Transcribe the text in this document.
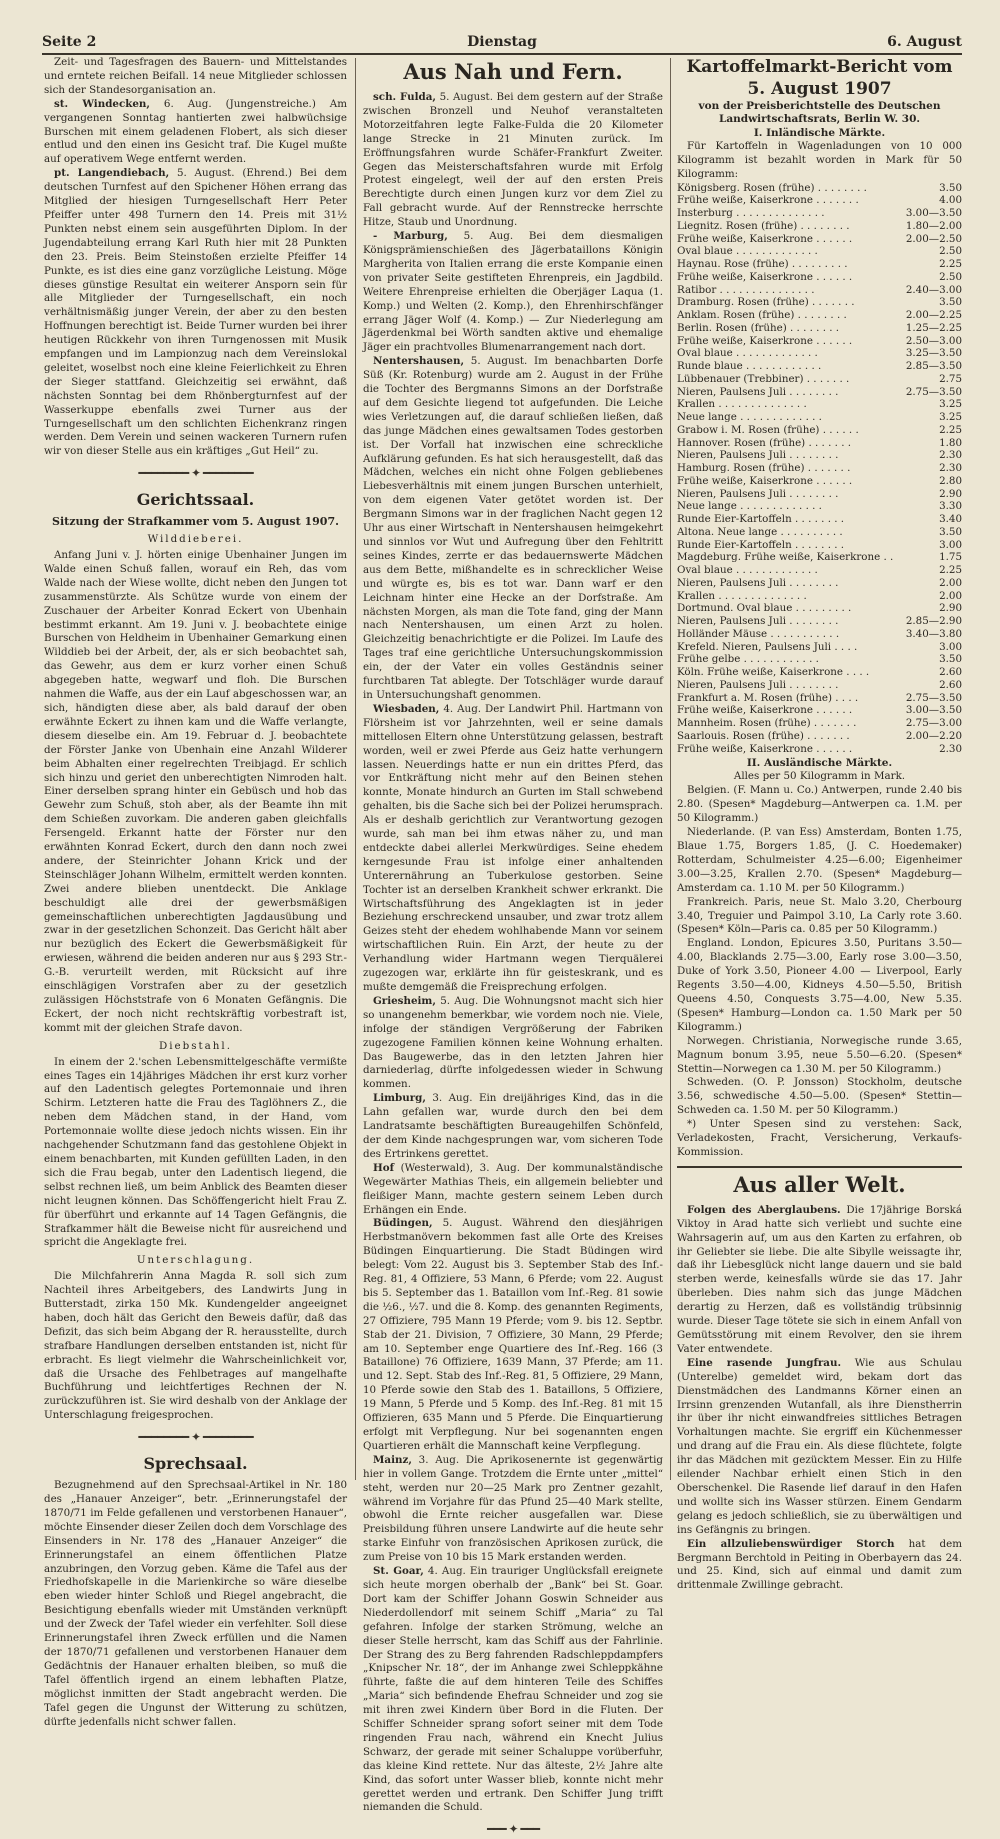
Seite 2	Dienstag	6. August

Zeit- und Tagesfragen des Bauern- und Mittelstandes und erntete reichen Beifall. 14 neue Mitglieder schlossen sich der Standesorganisation an.

st. Windecken, 6. Aug. (Jungenstreiche.) Am vergangenen Sonntag hantierten zwei halbwüchsige Burschen mit einem geladenen Flobert, als sich dieser entlud und den einen ins Gesicht traf. Die Kugel mußte auf operativem Wege entfernt werden.

pt. Langendiebach, 5. August. (Ehrend.) Bei dem deutschen Turnfest auf den Spichener Höhen errang das Mitglied der hiesigen Turngesellschaft Herr Peter Pfeiffer unter 498 Turnern den 14. Preis mit 31½ Punkten nebst einem sein ausgeführten Diplom. In der Jugendabteilung errang Karl Ruth hier mit 28 Punkten den 23. Preis. Beim Steinstoßen erzielte Pfeiffer 14 Punkte, es ist dies eine ganz vorzügliche Leistung. Möge dieses günstige Resultat ein weiterer Ansporn sein für alle Mitglieder der Turngesellschaft, ein noch verhältnismäßig junger Verein, der aber zu den besten Hoffnungen berechtigt ist. Beide Turner wurden bei ihrer heutigen Rückkehr von ihren Turngenossen mit Musik empfangen und im Lampionzug nach dem Vereinslokal geleitet, woselbst noch eine kleine Feierlichkeit zu Ehren der Sieger stattfand. Gleichzeitig sei erwähnt, daß nächsten Sonntag bei dem Rhönbergturnfest auf der Wasserkuppe ebenfalls zwei Turner aus der Turngesellschaft um den schlichten Eichenkranz ringen werden. Dem Verein und seinen wackeren Turnern rufen wir von dieser Stelle aus ein kräftiges „Gut Heil“ zu.

━━━━━━━━ ✦ ━━━━━━━━
Gerichtssaal.
Sitzung der Strafkammer vom 5. August 1907.
Wilddieberei.

Anfang Juni v. J. hörten einige Ubenhainer Jungen im Walde einen Schuß fallen, worauf ein Reh, das vom Walde nach der Wiese wollte, dicht neben den Jungen tot zusammenstürzte. Als Schütze wurde von einem der Zuschauer der Arbeiter Konrad Eckert von Ubenhain bestimmt erkannt. Am 19. Juni v. J. beobachtete einige Burschen von Heldheim in Ubenhainer Gemarkung einen Wilddieb bei der Arbeit, der, als er sich beobachtet sah, das Gewehr, aus dem er kurz vorher einen Schuß abgegeben hatte, wegwarf und floh. Die Burschen nahmen die Waffe, aus der ein Lauf abgeschossen war, an sich, händigten diese aber, als bald darauf der oben erwähnte Eckert zu ihnen kam und die Waffe verlangte, diesem dieselbe ein. Am 19. Februar d. J. beobachtete der Förster Janke von Ubenhain eine Anzahl Wilderer beim Abhalten einer regelrechten Treibjagd. Er schlich sich hinzu und geriet den unberechtigten Nimroden halt. Einer derselben sprang hinter ein Gebüsch und hob das Gewehr zum Schuß, stoh aber, als der Beamte ihn mit dem Schießen zuvorkam. Die anderen gaben gleichfalls Fersengeld. Erkannt hatte der Förster nur den erwähnten Konrad Eckert, durch den dann noch zwei andere, der Steinrichter Johann Krick und der Steinschläger Johann Wilhelm, ermittelt werden konnten. Zwei andere blieben unentdeckt. Die Anklage beschuldigt alle drei der gewerbsmäßigen gemeinschaftlichen unberechtigten Jagdausübung und zwar in der gesetzlichen Schonzeit. Das Gericht hält aber nur bezüglich des Eckert die Gewerbsmäßigkeit für erwiesen, während die beiden anderen nur aus § 293 Str.-G.-B. verurteilt werden, mit Rücksicht auf ihre einschlägigen Vorstrafen aber zu der gesetzlich zulässigen Höchststrafe von 6 Monaten Gefängnis. Die Eckert, der noch nicht rechtskräftig vorbestraft ist, kommt mit der gleichen Strafe davon.

Diebstahl.

In einem der 2.'schen Lebensmittelgeschäfte vermißte eines Tages ein 14jähriges Mädchen ihr erst kurz vorher auf den Ladentisch gelegtes Portemonnaie und ihren Schirm. Letzteren hatte die Frau des Taglöhners Z., die neben dem Mädchen stand, in der Hand, vom Portemonnaie wollte diese jedoch nichts wissen. Ein ihr nachgehender Schutzmann fand das gestohlene Objekt in einem benachbarten, mit Kunden gefüllten Laden, in den sich die Frau begab, unter den Ladentisch liegend, die selbst rechnen ließ, um beim Anblick des Beamten dieser nicht leugnen können. Das Schöffengericht hielt Frau Z. für überführt und erkannte auf 14 Tagen Gefängnis, die Strafkammer hält die Beweise nicht für ausreichend und spricht die Angeklagte frei.

Unterschlagung.

Die Milchfahrerin Anna Magda R. soll sich zum Nachteil ihres Arbeitgebers, des Landwirts Jung in Butterstadt, zirka 150 Mk. Kundengelder angeeignet haben, doch hält das Gericht den Beweis dafür, daß das Defizit, das sich beim Abgang der R. herausstellte, durch strafbare Handlungen derselben entstanden ist, nicht für erbracht. Es liegt vielmehr die Wahrscheinlichkeit vor, daß die Ursache des Fehlbetrages auf mangelhafte Buchführung und leichtfertiges Rechnen der N. zurückzuführen ist. Sie wird deshalb von der Anklage der Unterschlagung freigesprochen.

━━━━━━━━ ✦ ━━━━━━━━
Sprechsaal.

Bezugnehmend auf den Sprechsaal-Artikel in Nr. 180 des „Hanauer Anzeiger“, betr. „Erinnerungstafel der 1870/71 im Felde gefallenen und verstorbenen Hanauer“, möchte Einsender dieser Zeilen doch dem Vorschlage des Einsenders in Nr. 178 des „Hanauer Anzeiger“ die Erinnerungstafel an einem öffentlichen Platze anzubringen, den Vorzug geben. Käme die Tafel aus der Friedhofskapelle in die Marienkirche so wäre dieselbe eben wieder hinter Schloß und Riegel angebracht, die Besichtigung ebenfalls wieder mit Umständen verknüpft und der Zweck der Tafel wieder ein verfehlter. Soll diese Erinnerungstafel ihren Zweck erfüllen und die Namen der 1870/71 gefallenen und verstorbenen Hanauer dem Gedächtnis der Hanauer erhalten bleiben, so muß die Tafel öffentlich irgend an einem lebhaften Platze, möglichst inmitten der Stadt angebracht werden. Die Tafel gegen die Ungunst der Witterung zu schützen, dürfte jedenfalls nicht schwer fallen.

Aus Nah und Fern.

sch. Fulda, 5. August. Bei dem gestern auf der Straße zwischen Bronzell und Neuhof veranstalteten Motorzeitfahren legte Falke-Fulda die 20 Kilometer lange Strecke in 21 Minuten zurück. Im Eröffnungsfahren wurde Schäfer-Frankfurt Zweiter. Gegen das Meisterschaftsfahren wurde mit Erfolg Protest eingelegt, weil der auf den ersten Preis Berechtigte durch einen Jungen kurz vor dem Ziel zu Fall gebracht wurde. Auf der Rennstrecke herrschte Hitze, Staub und Unordnung.

- Marburg, 5. Aug. Bei dem diesmaligen Königsprämienschießen des Jägerbataillons Königin Margherita von Italien errang die erste Kompanie einen von privater Seite gestifteten Ehrenpreis, ein Jagdbild. Weitere Ehrenpreise erhielten die Oberjäger Laqua (1. Komp.) und Welten (2. Komp.), den Ehrenhirschfänger errang Jäger Wolf (4. Komp.) — Zur Niederlegung am Jägerdenkmal bei Wörth sandten aktive und ehemalige Jäger ein prachtvolles Blumenarrangement nach dort.

Nentershausen, 5. August. Im benachbarten Dorfe Süß (Kr. Rotenburg) wurde am 2. August in der Frühe die Tochter des Bergmanns Simons an der Dorfstraße auf dem Gesichte liegend tot aufgefunden. Die Leiche wies Verletzungen auf, die darauf schließen ließen, daß das junge Mädchen eines gewaltsamen Todes gestorben ist. Der Vorfall hat inzwischen eine schreckliche Aufklärung gefunden. Es hat sich herausgestellt, daß das Mädchen, welches ein nicht ohne Folgen gebliebenes Liebesverhältnis mit einem jungen Burschen unterhielt, von dem eigenen Vater getötet worden ist. Der Bergmann Simons war in der fraglichen Nacht gegen 12 Uhr aus einer Wirtschaft in Nentershausen heimgekehrt und sinnlos vor Wut und Aufregung über den Fehltritt seines Kindes, zerrte er das bedauernswerte Mädchen aus dem Bette, mißhandelte es in schrecklicher Weise und würgte es, bis es tot war. Dann warf er den Leichnam hinter eine Hecke an der Dorfstraße. Am nächsten Morgen, als man die Tote fand, ging der Mann nach Nentershausen, um einen Arzt zu holen. Gleichzeitig benachrichtigte er die Polizei. Im Laufe des Tages traf eine gerichtliche Untersuchungskommission ein, der der Vater ein volles Geständnis seiner furchtbaren Tat ablegte. Der Totschläger wurde darauf in Untersuchungshaft genommen.

Wiesbaden, 4. Aug. Der Landwirt Phil. Hartmann von Flörsheim ist vor Jahrzehnten, weil er seine damals mittellosen Eltern ohne Unterstützung gelassen, bestraft worden, weil er zwei Pferde aus Geiz hatte verhungern lassen. Neuerdings hatte er nun ein drittes Pferd, das vor Entkräftung nicht mehr auf den Beinen stehen konnte, Monate hindurch an Gurten im Stall schwebend gehalten, bis die Sache sich bei der Polizei herumsprach. Als er deshalb gerichtlich zur Verantwortung gezogen wurde, sah man bei ihm etwas näher zu, und man entdeckte dabei allerlei Merkwürdiges. Seine ehedem kerngesunde Frau ist infolge einer anhaltenden Unterernährung an Tuberkulose gestorben. Seine Tochter ist an derselben Krankheit schwer erkrankt. Die Wirtschaftsführung des Angeklagten ist in jeder Beziehung erschreckend unsauber, und zwar trotz allem Geizes steht der ehedem wohlhabende Mann vor seinem wirtschaftlichen Ruin. Ein Arzt, der heute zu der Verhandlung wider Hartmann wegen Tierquälerei zugezogen war, erklärte ihn für geisteskrank, und es mußte demgemäß die Freisprechung erfolgen.

Griesheim, 5. Aug. Die Wohnungsnot macht sich hier so unangenehm bemerkbar, wie vordem noch nie. Viele, infolge der ständigen Vergrößerung der Fabriken zugezogene Familien können keine Wohnung erhalten. Das Baugewerbe, das in den letzten Jahren hier darniederlag, dürfte infolgedessen wieder in Schwung kommen.

Limburg, 3. Aug. Ein dreijähriges Kind, das in die Lahn gefallen war, wurde durch den bei dem Landratsamte beschäftigten Bureaugehilfen Schönfeld, der dem Kinde nachgesprungen war, vom sicheren Tode des Ertrinkens gerettet.

Hof (Westerwald), 3. Aug. Der kommunalständische Wegewärter Mathias Theis, ein allgemein beliebter und fleißiger Mann, machte gestern seinem Leben durch Erhängen ein Ende.

Büdingen, 5. August. Während den diesjährigen Herbstmanövern bekommen fast alle Orte des Kreises Büdingen Einquartierung. Die Stadt Büdingen wird belegt: Vom 22. August bis 3. September Stab des Inf.-Reg. 81, 4 Offiziere, 53 Mann, 6 Pferde; vom 22. August bis 5. September das 1. Bataillon vom Inf.-Reg. 81 sowie die ½6., ½7. und die 8. Komp. des genannten Regiments, 27 Offiziere, 795 Mann 19 Pferde; vom 9. bis 12. Septbr. Stab der 21. Division, 7 Offiziere, 30 Mann, 29 Pferde; am 10. September enge Quartiere des Inf.-Reg. 166 (3 Bataillone) 76 Offiziere, 1639 Mann, 37 Pferde; am 11. und 12. Sept. Stab des Inf.-Reg. 81, 5 Offiziere, 29 Mann, 10 Pferde sowie den Stab des 1. Bataillons, 5 Offiziere, 19 Mann, 5 Pferde und 5 Komp. des Inf.-Reg. 81 mit 15 Offizieren, 635 Mann und 5 Pferde. Die Einquartierung erfolgt mit Verpflegung. Nur bei sogenannten engen Quartieren erhält die Mannschaft keine Verpflegung.

Mainz, 3. Aug. Die Aprikosenernte ist gegenwärtig hier in vollem Gange. Trotzdem die Ernte unter „mittel“ steht, werden nur 20—25 Mark pro Zentner gezahlt, während im Vorjahre für das Pfund 25—40 Mark stellte, obwohl die Ernte reicher ausgefallen war. Diese Preisbildung führen unsere Landwirte auf die heute sehr starke Einfuhr von französischen Aprikosen zurück, die zum Preise von 10 bis 15 Mark erstanden werden.

St. Goar, 4. Aug. Ein trauriger Unglücksfall ereignete sich heute morgen oberhalb der „Bank“ bei St. Goar. Dort kam der Schiffer Johann Goswin Schneider aus Niederdollendorf mit seinem Schiff „Maria“ zu Tal gefahren. Infolge der starken Strömung, welche an dieser Stelle herrscht, kam das Schiff aus der Fahrlinie. Der Strang des zu Berg fahrenden Radschleppdampfers „Knipscher Nr. 18“, der im Anhange zwei Schleppkähne führte, faßte die auf dem hinteren Teile des Schiffes „Maria“ sich befindende Ehefrau Schneider und zog sie mit ihren zwei Kindern über Bord in die Fluten. Der Schiffer Schneider sprang sofort seiner mit dem Tode ringenden Frau nach, während ein Knecht Julius Schwarz, der gerade mit seiner Schaluppe vorüberfuhr, das kleine Kind rettete. Nur das älteste, 2½ Jahre alte Kind, das sofort unter Wasser blieb, konnte nicht mehr gerettet werden und ertrank. Den Schiffer Jung trifft niemanden die Schuld.

━━━ ✦ ━━━
Kartoffelmarkt-Bericht vom 5. August 1907
von der Preisberichtstelle des Deutschen Landwirtschaftsrats, Berlin W. 30.
I. Inländische Märkte.

Für Kartoffeln in Wagenladungen von 10 000 Kilogramm ist bezahlt worden in Mark für 50 Kilogramm:

Königsberg. Rosen (frühe) . . . . . . . .	3.50
Frühe weiße, Kaiserkrone . . . . . . .	4.00
Insterburg . . . . . . . . . . . . . .	3.00—3.50
Liegnitz. Rosen (frühe) . . . . . . . .	1.80—2.00
Frühe weiße, Kaiserkrone . . . . . .	2.00—2.50
Oval blaue . . . . . . . . . . . . .	2.50
Haynau. Rose (frühe) . . . . . . . . .	2.25
Frühe weiße, Kaiserkrone . . . . . .	2.50
Ratibor . . . . . . . . . . . . . . .	2.40—3.00
Dramburg. Rosen (frühe) . . . . . . .	3.50
Anklam. Rosen (frühe) . . . . . . . .	2.00—2.25
Berlin. Rosen (frühe) . . . . . . . .	1.25—2.25
Frühe weiße, Kaiserkrone . . . . . .	2.50—3.00
Oval blaue . . . . . . . . . . . . .	3.25—3.50
Runde blaue . . . . . . . . . . . .	2.85—3.50
Lübbenauer (Trebbiner) . . . . . . .	2.75
Nieren, Paulsens Juli . . . . . . . .	2.75—3.50
Krallen . . . . . . . . . . . . . .	3.25
Neue lange . . . . . . . . . . . . .	3.25
Grabow i. M. Rosen (frühe) . . . . . .	2.25
Hannover. Rosen (frühe) . . . . . . .	1.80
Nieren, Paulsens Juli . . . . . . . .	2.30
Hamburg. Rosen (frühe) . . . . . . .	2.30
Frühe weiße, Kaiserkrone . . . . . .	2.80
Nieren, Paulsens Juli . . . . . . . .	2.90
Neue lange . . . . . . . . . . . . .	3.30
Runde Eier-Kartoffeln . . . . . . . .	3.40
Altona. Neue lange . . . . . . . . . .	3.50
Runde Eier-Kartoffeln . . . . . . . .	3.00
Magdeburg. Frühe weiße, Kaiserkrone . .	1.75
Oval blaue . . . . . . . . . . . . .	2.25
Nieren, Paulsens Juli . . . . . . . .	2.00
Krallen . . . . . . . . . . . . . .	2.00
Dortmund. Oval blaue . . . . . . . . .	2.90
Nieren, Paulsens Juli . . . . . . . .	2.85—2.90
Holländer Mäuse . . . . . . . . . . .	3.40—3.80
Krefeld. Nieren, Paulsens Juli . . . .	3.00
Frühe gelbe . . . . . . . . . . . .	3.50
Köln. Frühe weiße, Kaiserkrone . . . .	2.60
Nieren, Paulsens Juli . . . . . . . .	2.60
Frankfurt a. M. Rosen (frühe) . . . .	2.75—3.50
Frühe weiße, Kaiserkrone . . . . . .	3.00—3.50
Mannheim. Rosen (frühe) . . . . . . .	2.75—3.00
Saarlouis. Rosen (frühe) . . . . . . .	2.00—2.20
Frühe weiße, Kaiserkrone . . . . . .	2.30
II. Ausländische Märkte.
Alles per 50 Kilogramm in Mark.

Belgien. (F. Mann u. Co.) Antwerpen, runde 2.40 bis 2.80. (Spesen* Magdeburg—Antwerpen ca. 1.M. per 50 Kilogramm.)

Niederlande. (P. van Ess) Amsterdam, Bonten 1.75, Blaue 1.75, Borgers 1.85, (J. C. Hoedemaker) Rotterdam, Schulmeister 4.25—6.00; Eigenheimer 3.00—3.25, Krallen 2.70. (Spesen* Magdeburg—Amsterdam ca. 1.10 M. per 50 Kilogramm.)

Frankreich. Paris, neue St. Malo 3.20, Cherbourg 3.40, Treguier und Paimpol 3.10, La Carly rote 3.60. (Spesen* Köln—Paris ca. 0.85 per 50 Kilogramm.)

England. London, Epicures 3.50, Puritans 3.50—4.00, Blacklands 2.75—3.00, Early rose 3.00—3.50, Duke of York 3.50, Pioneer 4.00 — Liverpool, Early Regents 3.50—4.00, Kidneys 4.50—5.50, British Queens 4.50, Conquests 3.75—4.00, New 5.35. (Spesen* Hamburg—London ca. 1.50 Mark per 50 Kilogramm.)

Norwegen. Christiania, Norwegische runde 3.65, Magnum bonum 3.95, neue 5.50—6.20. (Spesen* Stettin—Norwegen ca 1.30 M. per 50 Kilogramm.)

Schweden. (O. P. Jonsson) Stockholm, deutsche 3.56, schwedische 4.50—5.00. (Spesen* Stettin—Schweden ca. 1.50 M. per 50 Kilogramm.)

*) Unter Spesen sind zu verstehen: Sack, Verladekosten, Fracht, Versicherung, Verkaufs-Kommission.

Aus aller Welt.

Folgen des Aberglaubens. Die 17jährige Borská Viktoy in Arad hatte sich verliebt und suchte eine Wahrsagerin auf, um aus den Karten zu erfahren, ob ihr Geliebter sie liebe. Die alte Sibylle weissagte ihr, daß ihr Liebesglück nicht lange dauern und sie bald sterben werde, keinesfalls würde sie das 17. Jahr überleben. Dies nahm sich das junge Mädchen derartig zu Herzen, daß es vollständig trübsinnig wurde. Dieser Tage tötete sie sich in einem Anfall von Gemütsstörung mit einem Revolver, den sie ihrem Vater entwendete.

Eine rasende Jungfrau. Wie aus Schulau (Unterelbe) gemeldet wird, bekam dort das Dienstmädchen des Landmanns Körner einen an Irrsinn grenzenden Wutanfall, als ihre Dienstherrin ihr über ihr nicht einwandfreies sittliches Betragen Vorhaltungen machte. Sie ergriff ein Küchenmesser und drang auf die Frau ein. Als diese flüchtete, folgte ihr das Mädchen mit gezücktem Messer. Ein zu Hilfe eilender Nachbar erhielt einen Stich in den Oberschenkel. Die Rasende lief darauf in den Hafen und wollte sich ins Wasser stürzen. Einem Gendarm gelang es jedoch schließlich, sie zu überwältigen und ins Gefängnis zu bringen.

Ein allzuliebenswürdiger Storch hat dem Bergmann Berchtold in Peiting in Oberbayern das 24. und 25. Kind, sich auf einmal und damit zum drittenmale Zwillinge gebracht.
